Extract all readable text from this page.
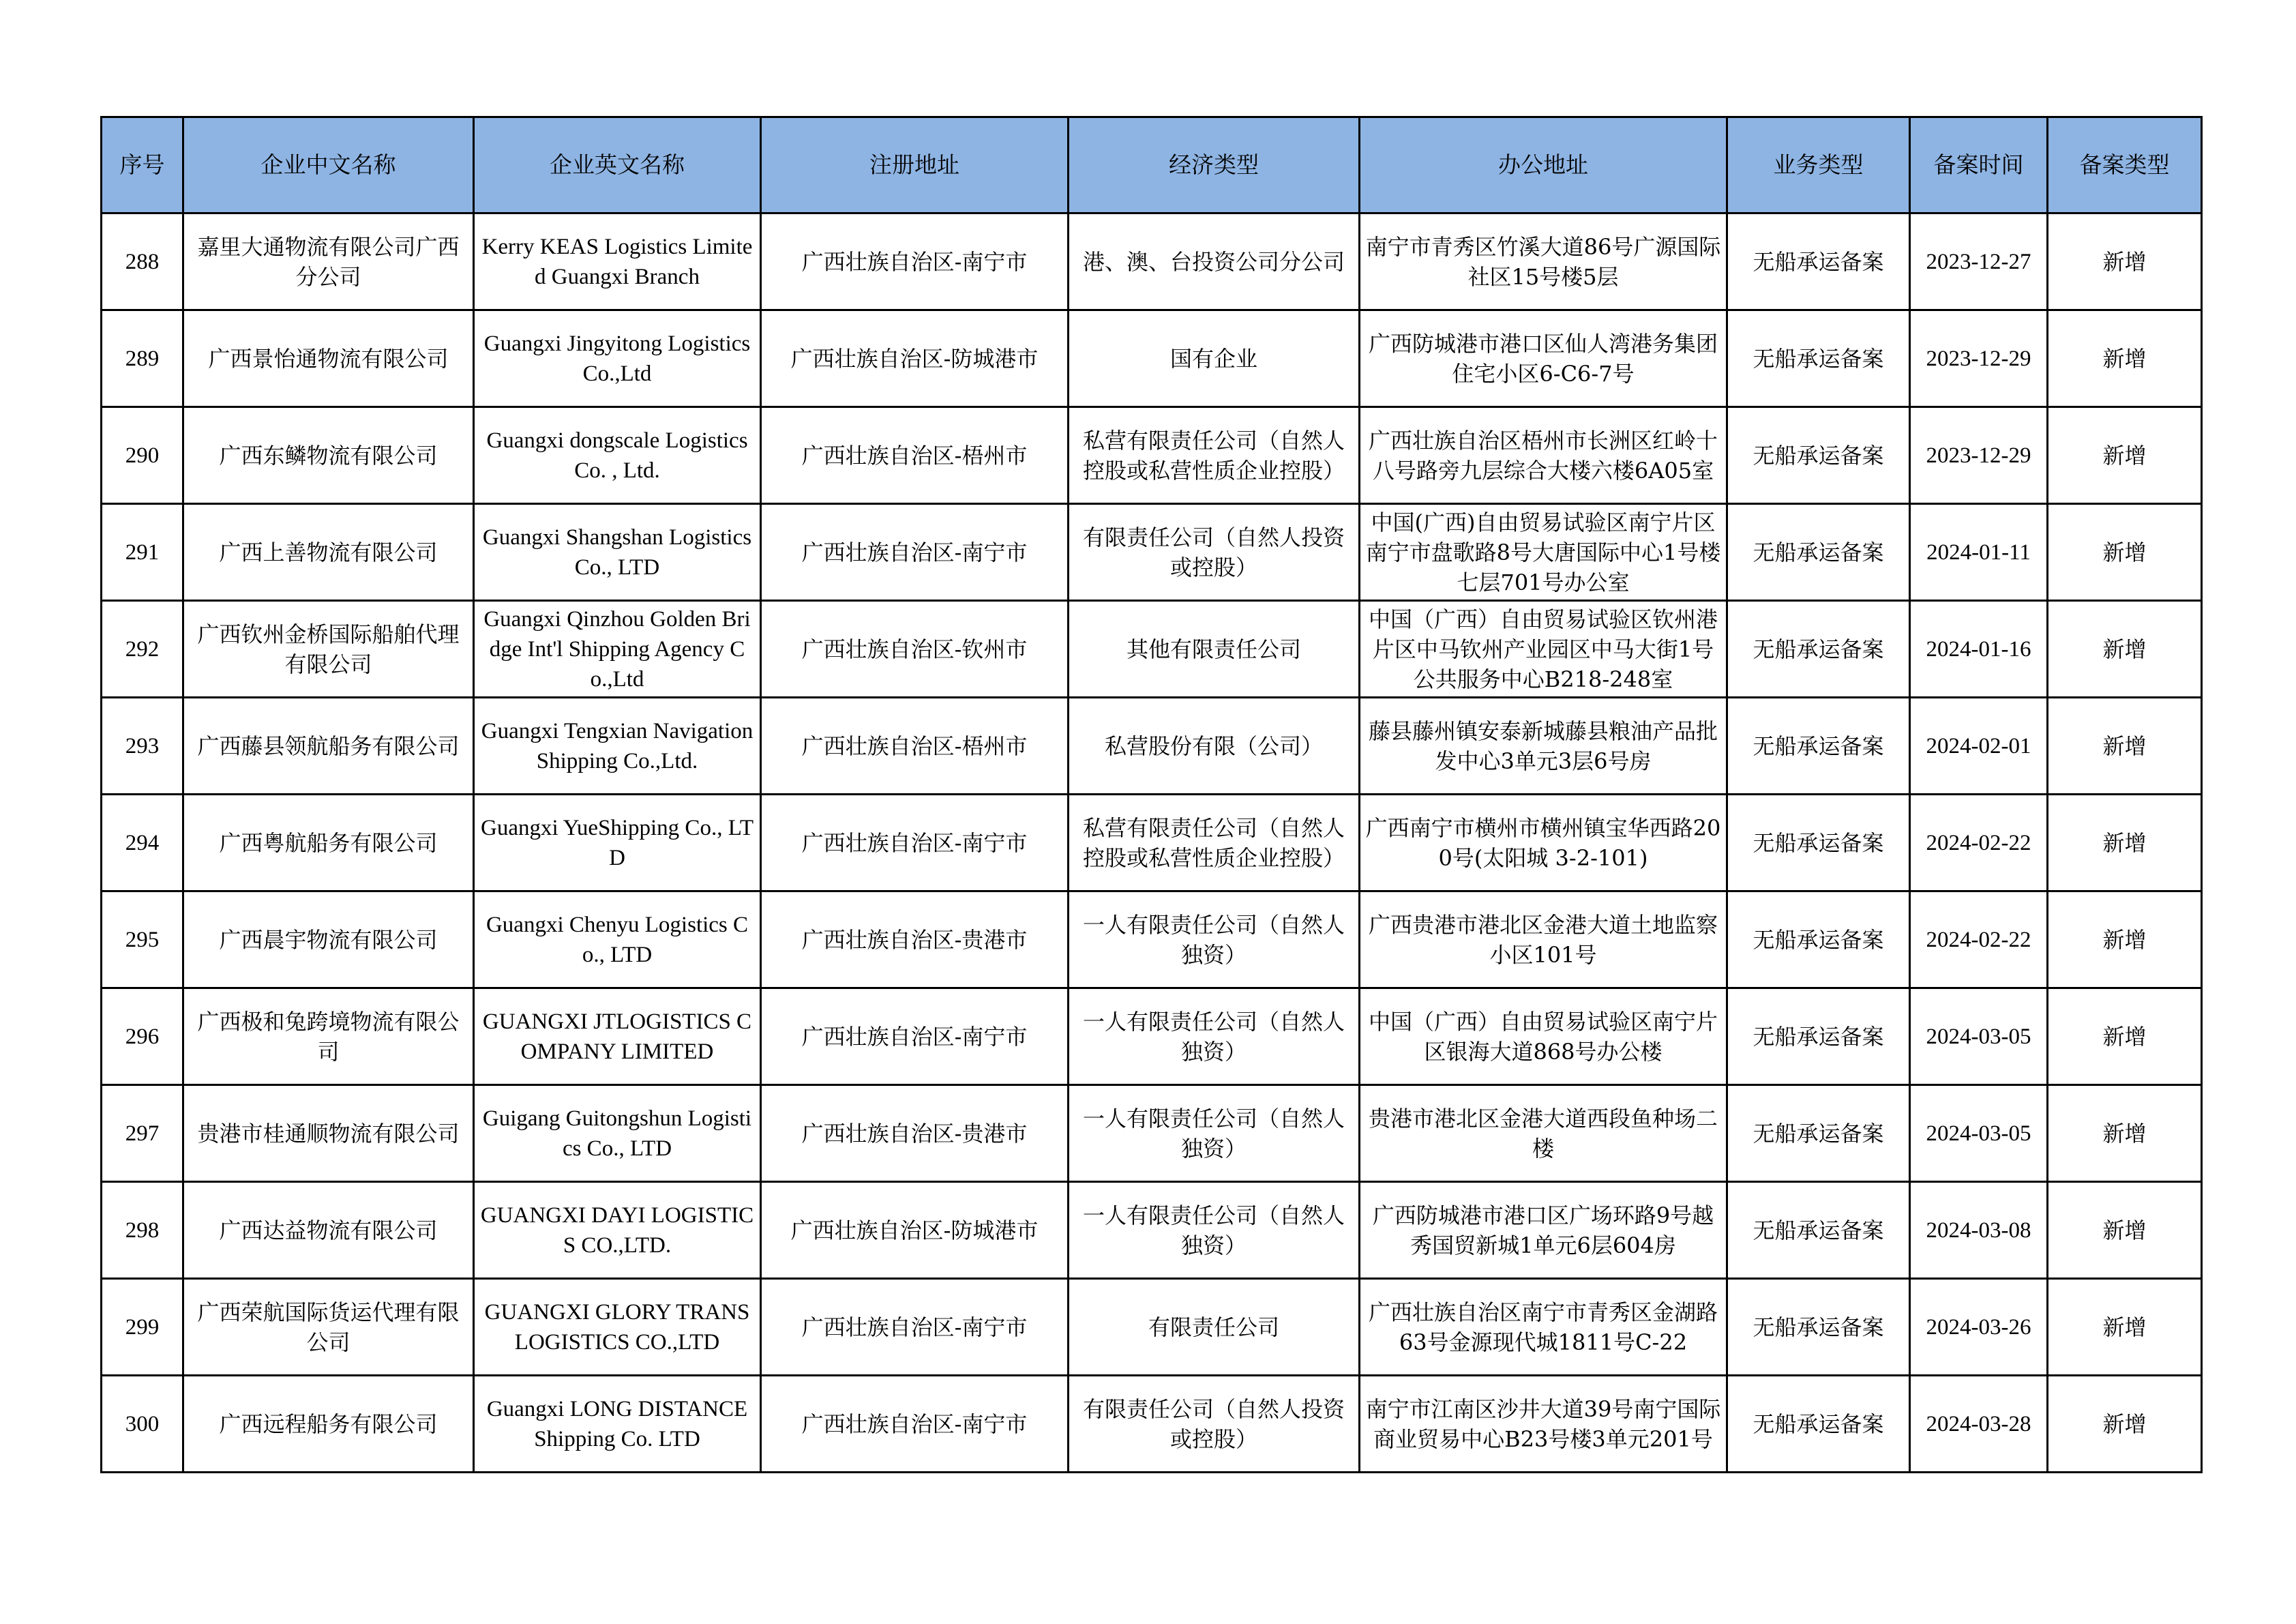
序号	企业中文名称	企业英文名称	注册地址	经济类型	办公地址	业务类型	备案时间	备案类型
288	嘉里大通物流有限公司广西分公司	Kerry KEAS Logistics Limited Guangxi Branch	广西壮族自治区-南宁市	港、澳、台投资公司分公司	南宁市青秀区竹溪大道86号广源国际社区15号楼5层	无船承运备案	2023-12-27	新增
289	广西景怡通物流有限公司	Guangxi Jingyitong Logistics Co.,Ltd	广西壮族自治区-防城港市	国有企业	广西防城港市港口区仙人湾港务集团住宅小区6-C6-7号	无船承运备案	2023-12-29	新增
290	广西东鳞物流有限公司	Guangxi dongscale Logistics Co. , Ltd.	广西壮族自治区-梧州市	私营有限责任公司（自然人控股或私营性质企业控股）	广西壮族自治区梧州市长洲区红岭十八号路旁九层综合大楼六楼6A05室	无船承运备案	2023-12-29	新增
291	广西上善物流有限公司	Guangxi Shangshan Logistics Co., LTD	广西壮族自治区-南宁市	有限责任公司（自然人投资或控股）	中国(广西)自由贸易试验区南宁片区南宁市盘歌路8号大唐国际中心1号楼七层701号办公室	无船承运备案	2024-01-11	新增
292	广西钦州金桥国际船舶代理有限公司	Guangxi Qinzhou Golden Bridge Int'l Shipping Agency Co.,Ltd	广西壮族自治区-钦州市	其他有限责任公司	中国（广西）自由贸易试验区钦州港片区中马钦州产业园区中马大街1号公共服务中心B218-248室	无船承运备案	2024-01-16	新增
293	广西藤县领航船务有限公司	Guangxi Tengxian Navigation Shipping Co.,Ltd.	广西壮族自治区-梧州市	私营股份有限（公司）	藤县藤州镇安泰新城藤县粮油产品批发中心3单元3层6号房	无船承运备案	2024-02-01	新增
294	广西粤航船务有限公司	Guangxi YueShipping Co., LTD	广西壮族自治区-南宁市	私营有限责任公司（自然人控股或私营性质企业控股）	广西南宁市横州市横州镇宝华西路200号(太阳城 3-2-101)	无船承运备案	2024-02-22	新增
295	广西晨宇物流有限公司	Guangxi Chenyu Logistics Co., LTD	广西壮族自治区-贵港市	一人有限责任公司（自然人独资）	广西贵港市港北区金港大道土地监察小区101号	无船承运备案	2024-02-22	新增
296	广西极和兔跨境物流有限公司	GUANGXI JTLOGISTICS COMPANY LIMITED	广西壮族自治区-南宁市	一人有限责任公司（自然人独资）	中国（广西）自由贸易试验区南宁片区银海大道868号办公楼	无船承运备案	2024-03-05	新增
297	贵港市桂通顺物流有限公司	Guigang Guitongshun Logistics Co., LTD	广西壮族自治区-贵港市	一人有限责任公司（自然人独资）	贵港市港北区金港大道西段鱼种场二楼	无船承运备案	2024-03-05	新增
298	广西达益物流有限公司	GUANGXI DAYI LOGISTICS CO.,LTD.	广西壮族自治区-防城港市	一人有限责任公司（自然人独资）	广西防城港市港口区广场环路9号越秀国贸新城1单元6层604房	无船承运备案	2024-03-08	新增
299	广西荣航国际货运代理有限公司	GUANGXI GLORY TRANS LOGISTICS CO.,LTD	广西壮族自治区-南宁市	有限责任公司	广西壮族自治区南宁市青秀区金湖路63号金源现代城1811号C-22	无船承运备案	2024-03-26	新增
300	广西远程船务有限公司	Guangxi LONG DISTANCE Shipping Co. LTD	广西壮族自治区-南宁市	有限责任公司（自然人投资或控股）	南宁市江南区沙井大道39号南宁国际商业贸易中心B23号楼3单元201号	无船承运备案	2024-03-28	新增
